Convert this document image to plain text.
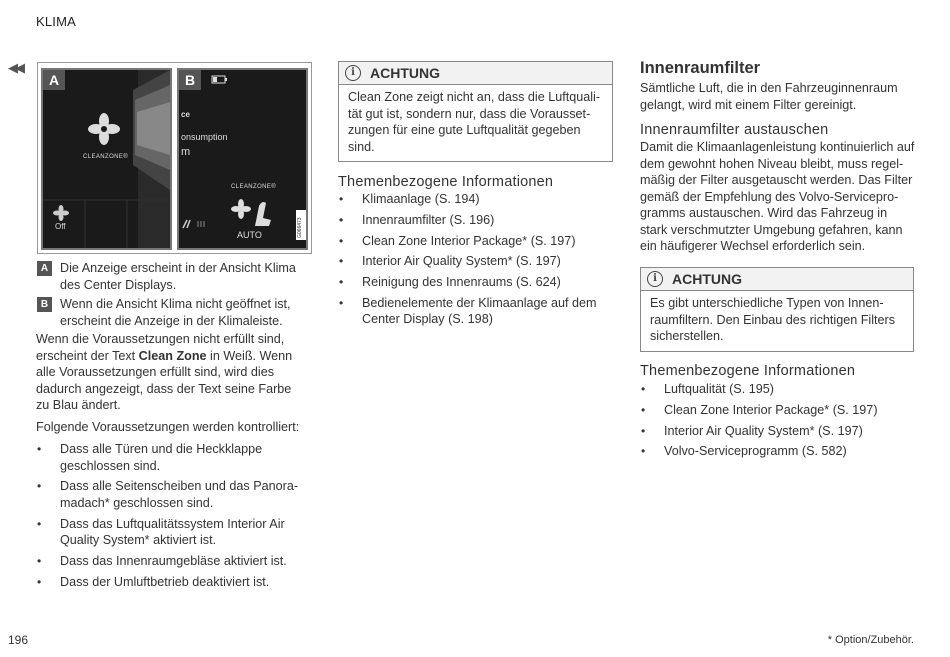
KLIMA
◀◀
A
CLEANZONE®
Off
B
ce
onsumption
m
CLEANZONE®
AUTO	G066473
A Die Anzeige erscheint in der Ansicht Klima des Center Displays.
B Wenn die Ansicht Klima nicht geöffnet ist, erscheint die Anzeige in der Klimaleiste.
Wenn die Voraussetzungen nicht erfüllt sind, erscheint der Text Clean Zone in Weiß. Wenn alle Voraussetzungen erfüllt sind, wird dies dadurch angezeigt, dass der Text seine Farbe zu Blau ändert.
Folgende Voraussetzungen werden kontrolliert:
• Dass alle Türen und die Heckklappe geschlossen sind.
• Dass alle Seitenscheiben und das Panoramadach* geschlossen sind.
• Dass das Luftqualitätssystem Interior Air Quality System* aktiviert ist.
• Dass das Innenraumgebläse aktiviert ist.
• Dass der Umluftbetrieb deaktiviert ist.
i	ACHTUNG
Clean Zone zeigt nicht an, dass die Luftqualität gut ist, sondern nur, dass die Voraussetzungen für eine gute Luftqualität gegeben sind.
Themenbezogene Informationen
• Klimaanlage (S. 194)
• Innenraumfilter (S. 196)
• Clean Zone Interior Package* (S. 197)
• Interior Air Quality System* (S. 197)
• Reinigung des Innenraums (S. 624)
• Bedienelemente der Klimaanlage auf dem Center Display (S. 198)
Innenraumfilter
Sämtliche Luft, die in den Fahrzeuginnenraum gelangt, wird mit einem Filter gereinigt.
Innenraumfilter austauschen
Damit die Klimaanlagenleistung kontinuierlich auf dem gewohnt hohen Niveau bleibt, muss regelmäßig der Filter ausgetauscht werden. Das Filter gemäß der Empfehlung des Volvo-Serviceprogramms austauschen. Wird das Fahrzeug in stark verschmutzter Umgebung gefahren, kann ein häufigerer Wechsel erforderlich sein.
i	ACHTUNG
Es gibt unterschiedliche Typen von Innenraumfiltern. Den Einbau des richtigen Filters sicherstellen.
Themenbezogene Informationen
• Luftqualität (S. 195)
• Clean Zone Interior Package* (S. 197)
• Interior Air Quality System* (S. 197)
• Volvo-Serviceprogramm (S. 582)
196	* Option/Zubehör.
